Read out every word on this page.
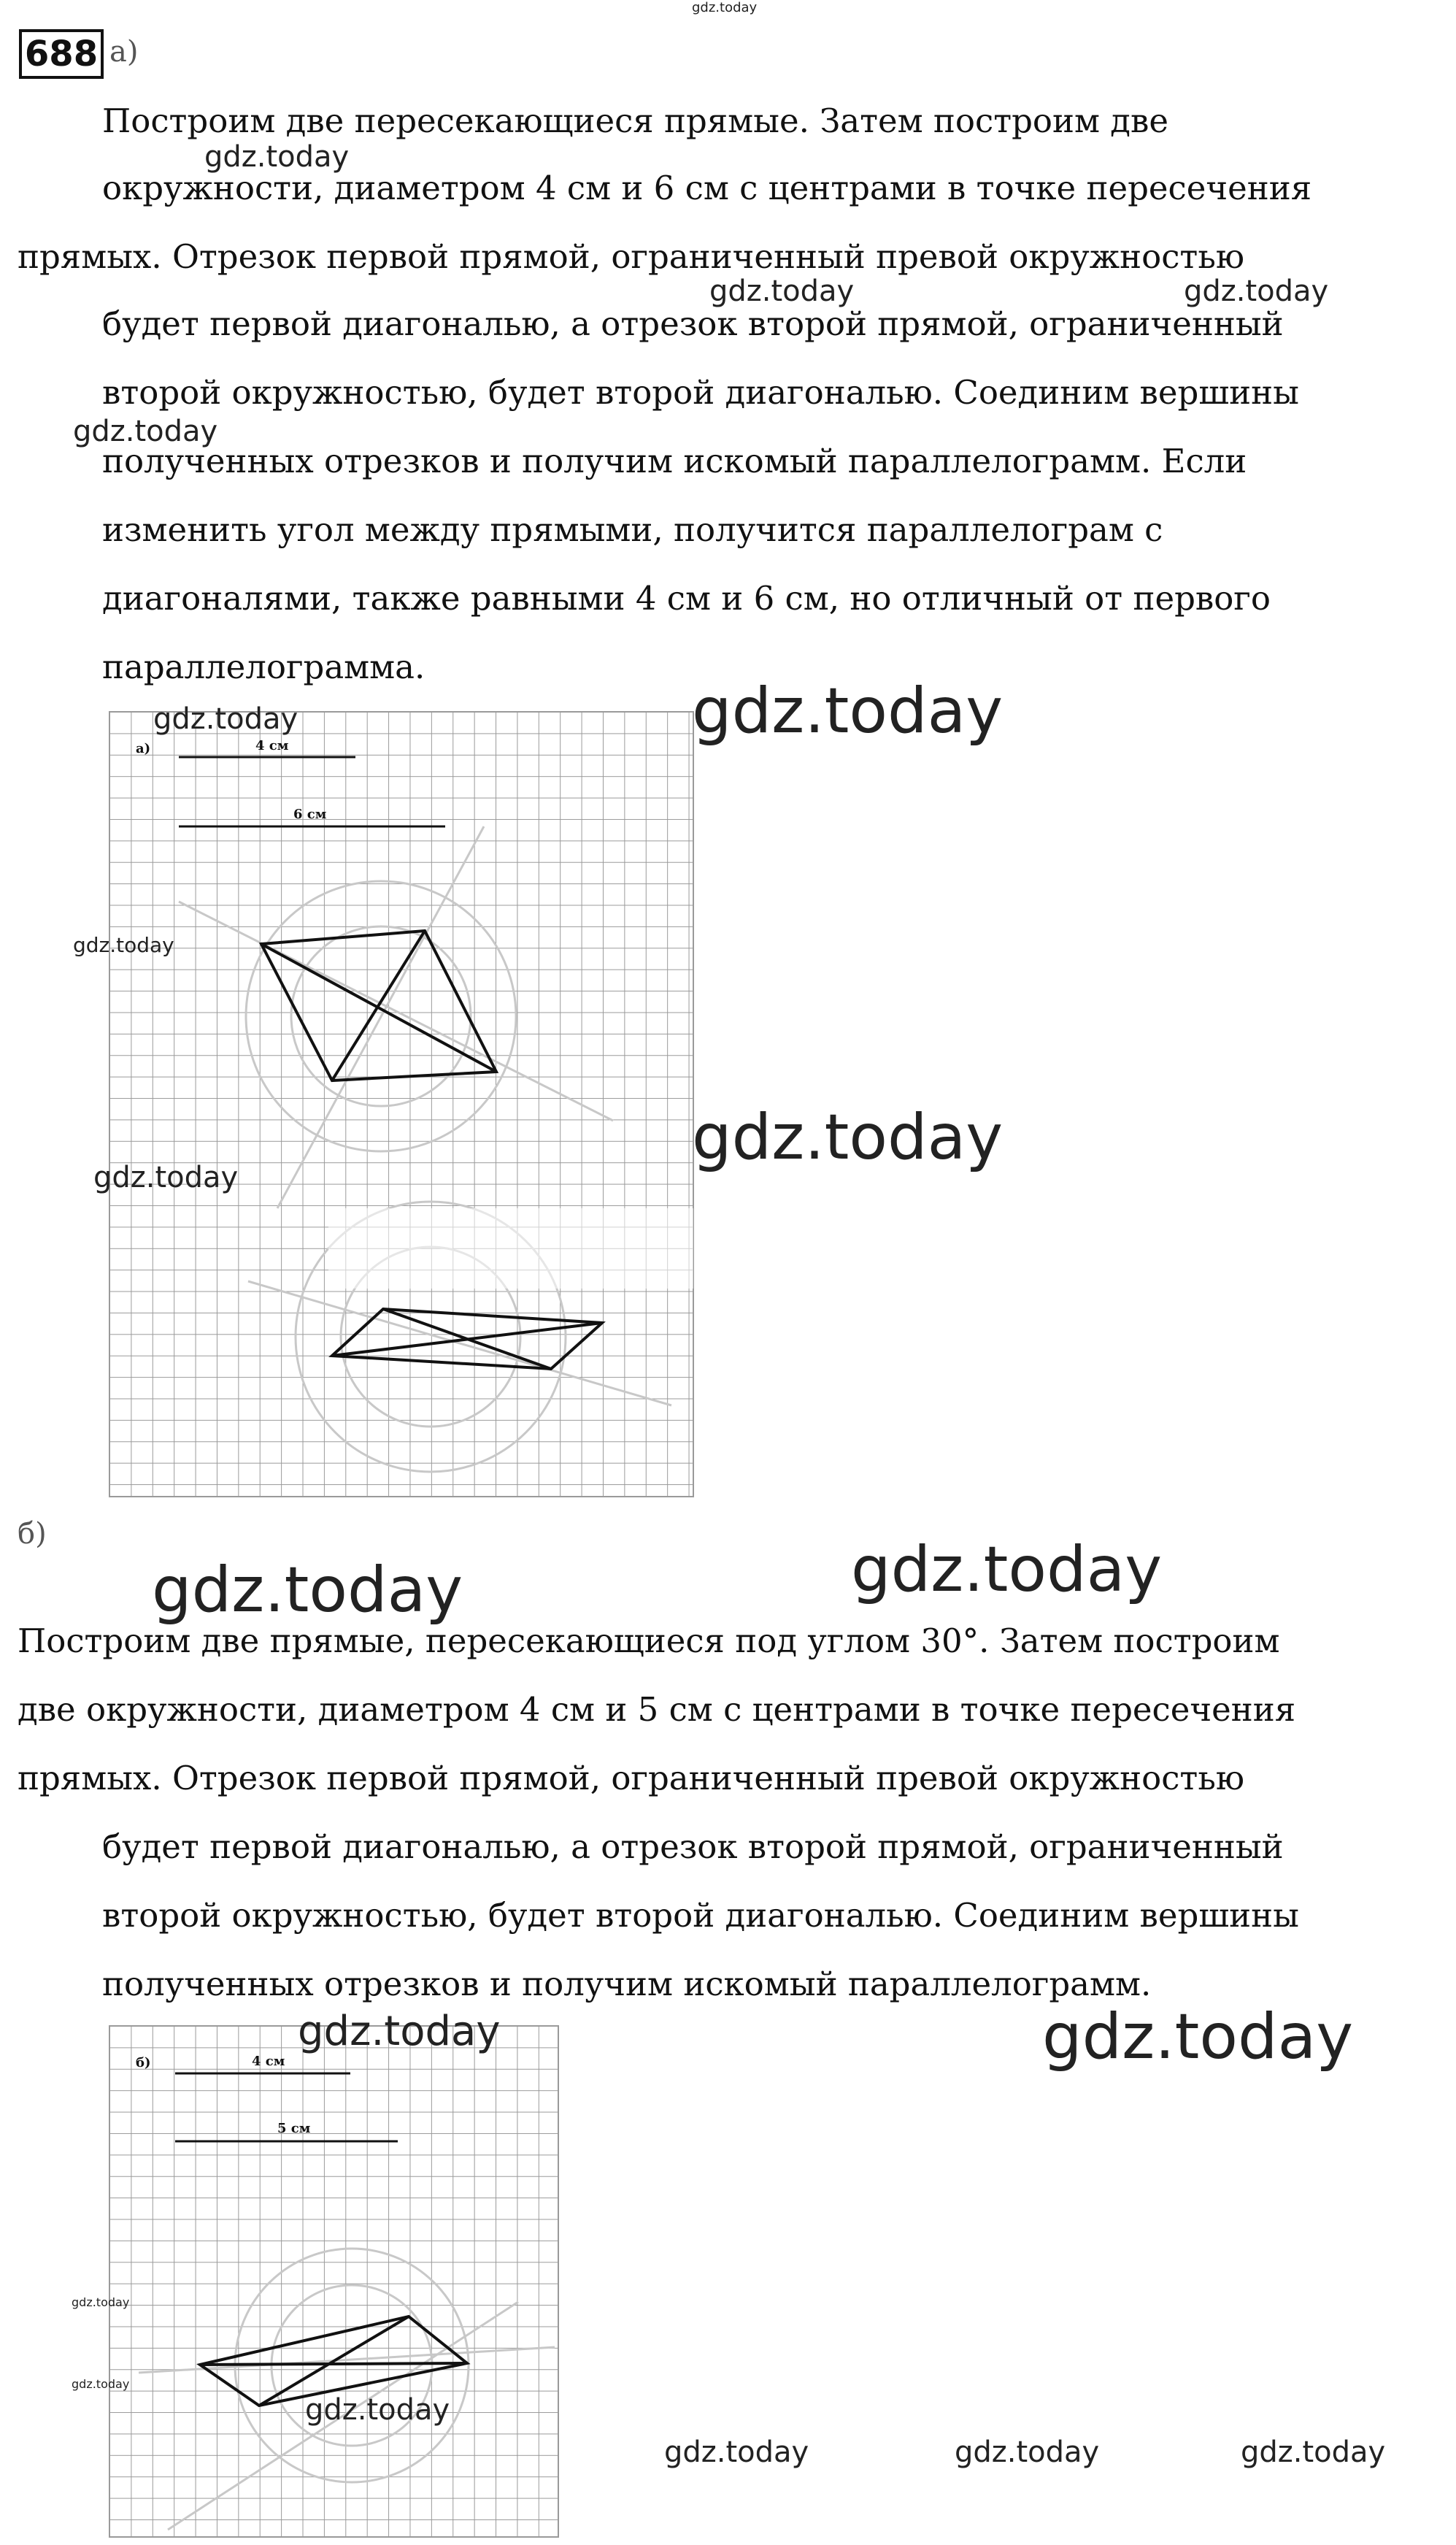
gdz.today
688 а)
Построим две пересекающиеся прямые. Затем построим две
gdz.today
окружности, диаметром 4 см и 6 см с центрами в точке пересечения
прямых. Отрезок первой прямой, ограниченный превой окружностью
gdz.today	gdz.today
будет первой диагональю, а отрезок второй прямой, ограниченный
второй окружностью, будет второй диагональю. Соединим вершины
gdz.today
полученных отрезков и получим искомый параллелограмм. Если
изменить угол между прямыми, получится параллелограм с
диагоналями, также равными 4 см и 6 см, но отличный от первого
параллелограмма.
а)	4 см
6 см
gdz.today	gdz.today
gdz.today
gdz.today
gdz.today
б)
gdz.today	gdz.today
Построим две прямые, пересекающиеся под углом 30°. Затем построим
две окружности, диаметром 4 см и 5 см с центрами в точке пересечения
прямых. Отрезок первой прямой, ограниченный превой окружностью
будет первой диагональю, а отрезок второй прямой, ограниченный
второй окружностью, будет второй диагональю. Соединим вершины
полученных отрезков и получим искомый параллелограмм.
б)	4 см
5 см
gdz.today	gdz.today
gdz.today
gdz.today
gdz.today
gdz.today	gdz.today	gdz.today
